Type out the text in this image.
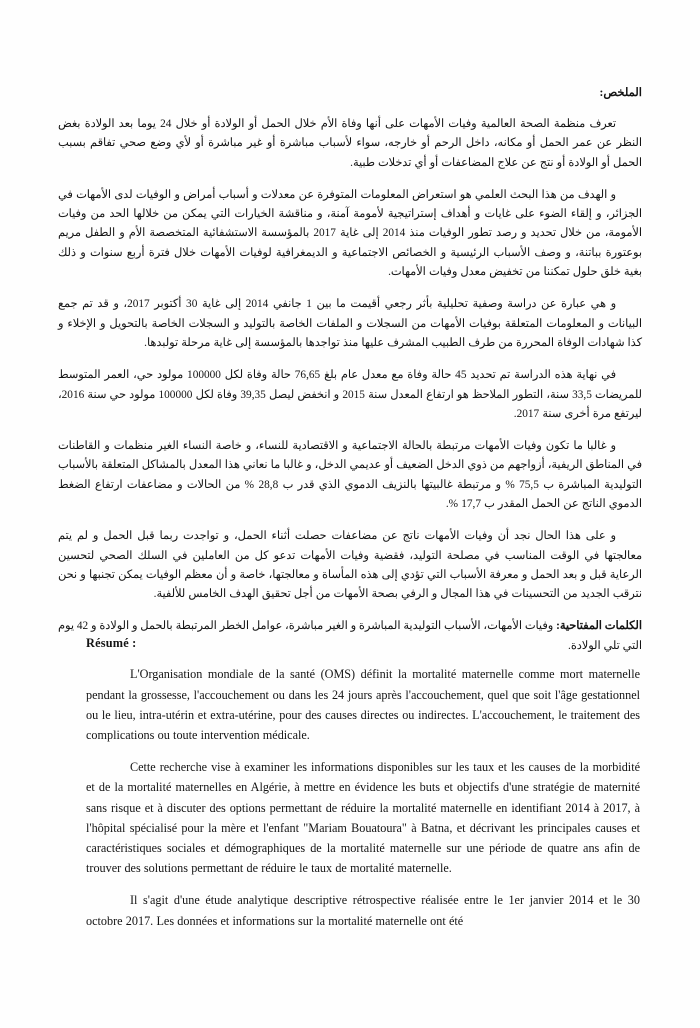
الملخص:

تعرف منظمة الصحة العالمية وفيات الأمهات على أنها وفاة الأم خلال الحمل أو الولادة أو خلال 24 يوما بعد الولادة بغض النظر عن عمر الحمل أو مكانه، داخل الرحم أو خارجه، سواء لأسباب مباشرة أو غير مباشرة أو لأي وضع صحي تفاقم بسبب الحمل أو الولادة أو نتج عن علاج المضاعفات أو أي تدخلات طبية.

و الهدف من هذا البحث العلمي هو استعراض المعلومات المتوفرة عن معدلات و أسباب أمراض و الوفيات لدى الأمهات في الجزائر، و إلقاء الضوء على غايات و أهداف إستراتيجية لأمومة آمنة، و مناقشة الخيارات التي يمكن من خلالها الحد من وفيات الأمومة، من خلال تحديد و رصد تطور الوفيات منذ 2014 إلى غاية 2017 بالمؤسسة الاستشفائية المتخصصة الأم و الطفل مريم بوعتورة بباتنة، و وصف الأسباب الرئيسية و الخصائص الاجتماعية و الديمغرافية لوفيات الأمهات خلال فترة أربع سنوات و ذلك بغية خلق حلول تمكننا من تخفيض معدل وفيات الأمهات.

و هي عبارة عن دراسة وصفية تحليلية بأثر رجعي أقيمت ما بين 1 جانفي 2014 إلى غاية 30 أكتوبر 2017، و قد تم جمع البيانات و المعلومات المتعلقة بوفيات الأمهات من السجلات و الملفات الخاصة بالتوليد و السجلات الخاصة بالتحويل و الإخلاء و كذا شهادات الوفاة المحررة من طرف الطبيب المشرف عليها منذ تواجدها بالمؤسسة إلى غاية مرحلة تولبدها.

في نهاية هذه الدراسة تم تحديد 45 حالة وفاة مع معدل عام بلغ 76,65 حالة وفاة لكل 100000 مولود حي، العمر المتوسط للمريضات 33,5 سنة، التطور الملاحظ هو ارتفاع المعدل سنة 2015 و انخفض ليصل 39,35 وفاة لكل 100000 مولود حي سنة 2016، ليرتفع مرة أخرى سنة 2017.

و غالبا ما تكون وفيات الأمهات مرتبطة بالحالة الاجتماعية و الاقتصادية للنساء، و خاصة النساء الغير منظمات و القاطنات في المناطق الريفية، أزواجهم من ذوي الدخل الضعيف أو عديمي الدخل، و غالبا ما نعاني هذا المعدل بالمشاكل المتعلقة بالأسباب التوليدية المباشرة ب 75,5 % و مرتبطة غالبيتها بالنزيف الدموي الذي قدر ب 28,8 % من الحالات و مضاعفات ارتفاع الضغط الدموي الناتج عن الحمل المقدر ب 17,7 %.

و على هذا الحال نجد أن وفيات الأمهات ناتج عن مضاعفات حصلت أثناء الحمل، و تواجدت ربما قبل الحمل و لم يتم معالجتها في الوقت المناسب في مصلحة التوليد، فقضية وفيات الأمهات تدعو كل من العاملين في السلك الصحي لتحسين الرعاية قبل و بعد الحمل و معرفة الأسباب التي تؤدي إلى هذه المأساة و معالجتها، خاصة و أن معظم الوفيات يمكن تجنبها و نحن نترقب الجديد من التحسينات في هذا المجال و الرفي بصحة الأمهات من أجل تحقيق الهدف الخامس للألفية.

الكلمات المفتاحية: وفيات الأمهات، الأسباب التوليدية المباشرة و الغير مباشرة، عوامل الخطر المرتبطة بالحمل و الولادة و 42 يوم التي تلي الولادة.

Résumé :

L'Organisation mondiale de la santé (OMS) définit la mortalité maternelle comme mort maternelle pendant la grossesse, l'accouchement ou dans les 24 jours après l'accouchement, quel que soit l'âge gestationnel ou le lieu, intra-utérin et extra-utérine, pour des causes directes ou indirectes. L'accouchement, le traitement des complications ou toute intervention médicale.

Cette recherche vise à examiner les informations disponibles sur les taux et les causes de la morbidité et de la mortalité maternelles en Algérie, à mettre en évidence les buts et objectifs d'une stratégie de maternité sans risque et à discuter des options permettant de réduire la mortalité maternelle en identifiant 2014 à 2017, à l'hôpital spécialisé pour la mère et l'enfant "Mariam Bouatoura" à Batna, et décrivant les principales causes et caractéristiques sociales et démographiques de la mortalité maternelle sur une période de quatre ans afin de trouver des solutions permettant de réduire le taux de mortalité maternelle.

Il s'agit d'une étude analytique descriptive rétrospective réalisée entre le 1er janvier 2014 et le 30 octobre 2017. Les données et informations sur la mortalité maternelle ont été
